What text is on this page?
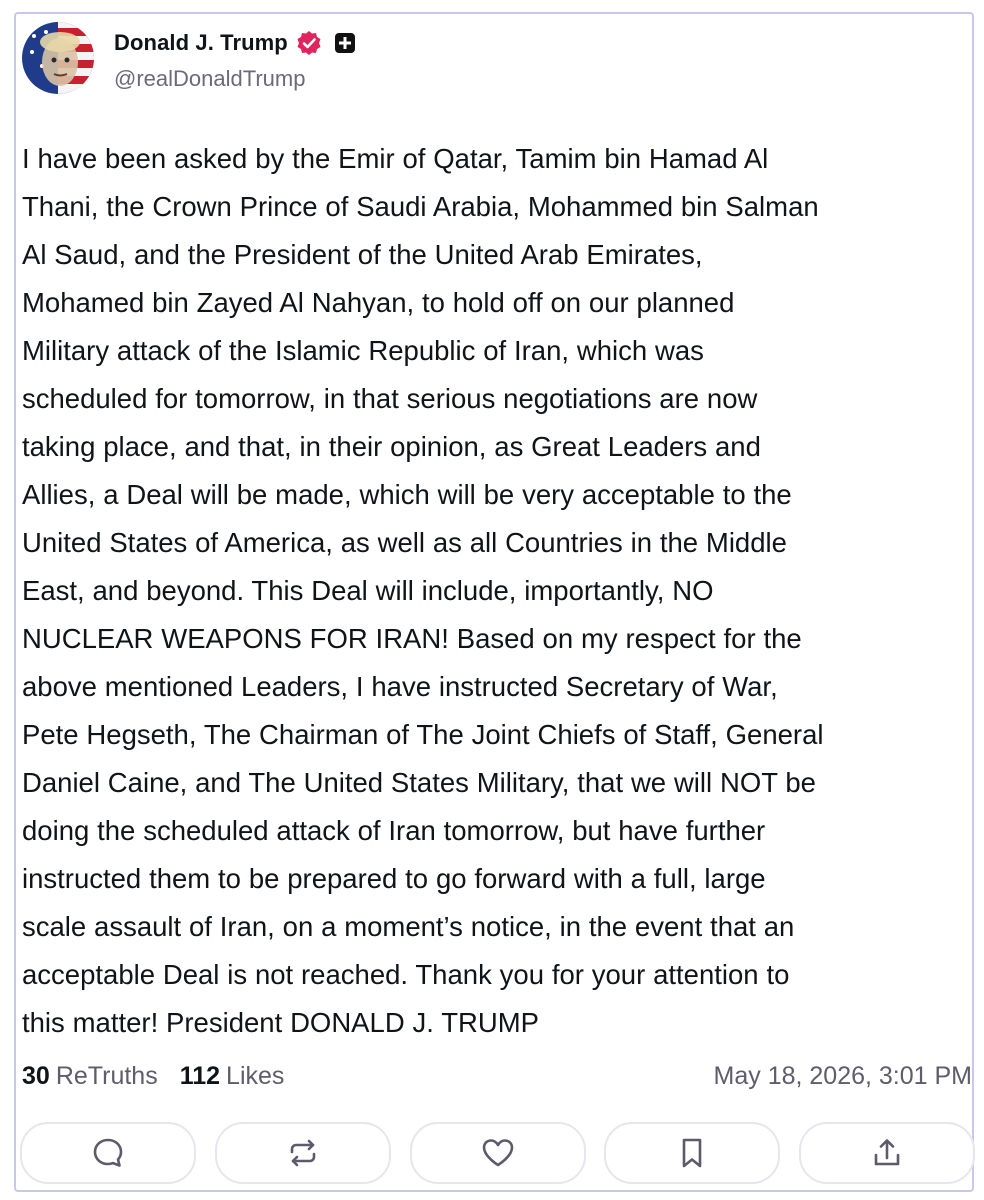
Donald J. Trump
@realDonaldTrump
I have been asked by the Emir of Qatar, Tamim bin Hamad Al
Thani, the Crown Prince of Saudi Arabia, Mohammed bin Salman
Al Saud, and the President of the United Arab Emirates,
Mohamed bin Zayed Al Nahyan, to hold off on our planned
Military attack of the Islamic Republic of Iran, which was
scheduled for tomorrow, in that serious negotiations are now
taking place, and that, in their opinion, as Great Leaders and
Allies, a Deal will be made, which will be very acceptable to the
United States of America, as well as all Countries in the Middle
East, and beyond. This Deal will include, importantly, NO
NUCLEAR WEAPONS FOR IRAN! Based on my respect for the
above mentioned Leaders, I have instructed Secretary of War,
Pete Hegseth, The Chairman of The Joint Chiefs of Staff, General
Daniel Caine, and The United States Military, that we will NOT be
doing the scheduled attack of Iran tomorrow, but have further
instructed them to be prepared to go forward with a full, large
scale assault of Iran, on a moment’s notice, in the event that an
acceptable Deal is not reached. Thank you for your attention to
this matter! President DONALD J. TRUMP
30 ReTruths 112 Likes	May 18, 2026, 3:01 PM
